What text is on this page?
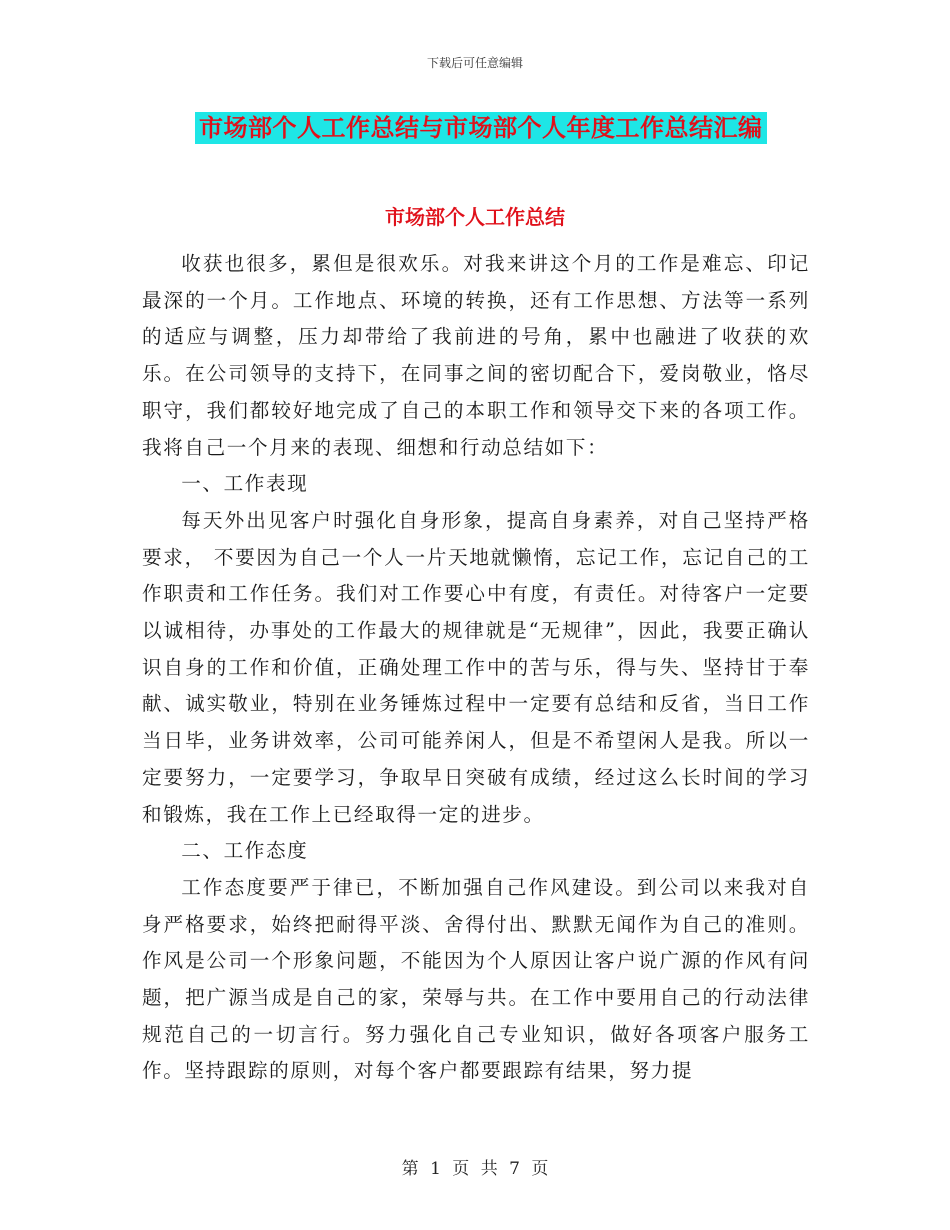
下载后可任意编辑
市场部个人工作总结与市场部个人年度工作总结汇编
市场部个人工作总结

收获也很多，累但是很欢乐。对我来讲这个月的工作是难忘、印记最深的一个月。工作地点、环境的转换，还有工作思想、方法等一系列的适应与调整，压力却带给了我前进的号角，累中也融进了收获的欢乐。在公司领导的支持下，在同事之间的密切配合下，爱岗敬业，恪尽职守，我们都较好地完成了自己的本职工作和领导交下来的各项工作。我将自己一个月来的表现、细想和行动总结如下：

一、工作表现

每天外出见客户时强化自身形象，提高自身素养，对自己坚持严格要求， 不要因为自己一个人一片天地就懒惰，忘记工作，忘记自己的工作职责和工作任务。我们对工作要心中有度，有责任。对待客户一定要以诚相待，办事处的工作最大的规律就是“无规律”，因此，我要正确认识自身的工作和价值，正确处理工作中的苦与乐，得与失、坚持甘于奉献、诚实敬业，特别在业务锤炼过程中一定要有总结和反省，当日工作当日毕，业务讲效率，公司可能养闲人，但是不希望闲人是我。所以一定要努力，一定要学习，争取早日突破有成绩，经过这么长时间的学习和锻炼，我在工作上已经取得一定的进步。

二、工作态度

工作态度要严于律已，不断加强自己作风建设。到公司以来我对自身严格要求，始终把耐得平淡、舍得付出、默默无闻作为自己的准则。作风是公司一个形象问题，不能因为个人原因让客户说广源的作风有问题，把广源当成是自己的家，荣辱与共。在工作中要用自己的行动法律规范自己的一切言行。努力强化自己专业知识，做好各项客户服务工作。坚持跟踪的原则，对每个客户都要跟踪有结果，努力提

第 1 页 共 7 页
